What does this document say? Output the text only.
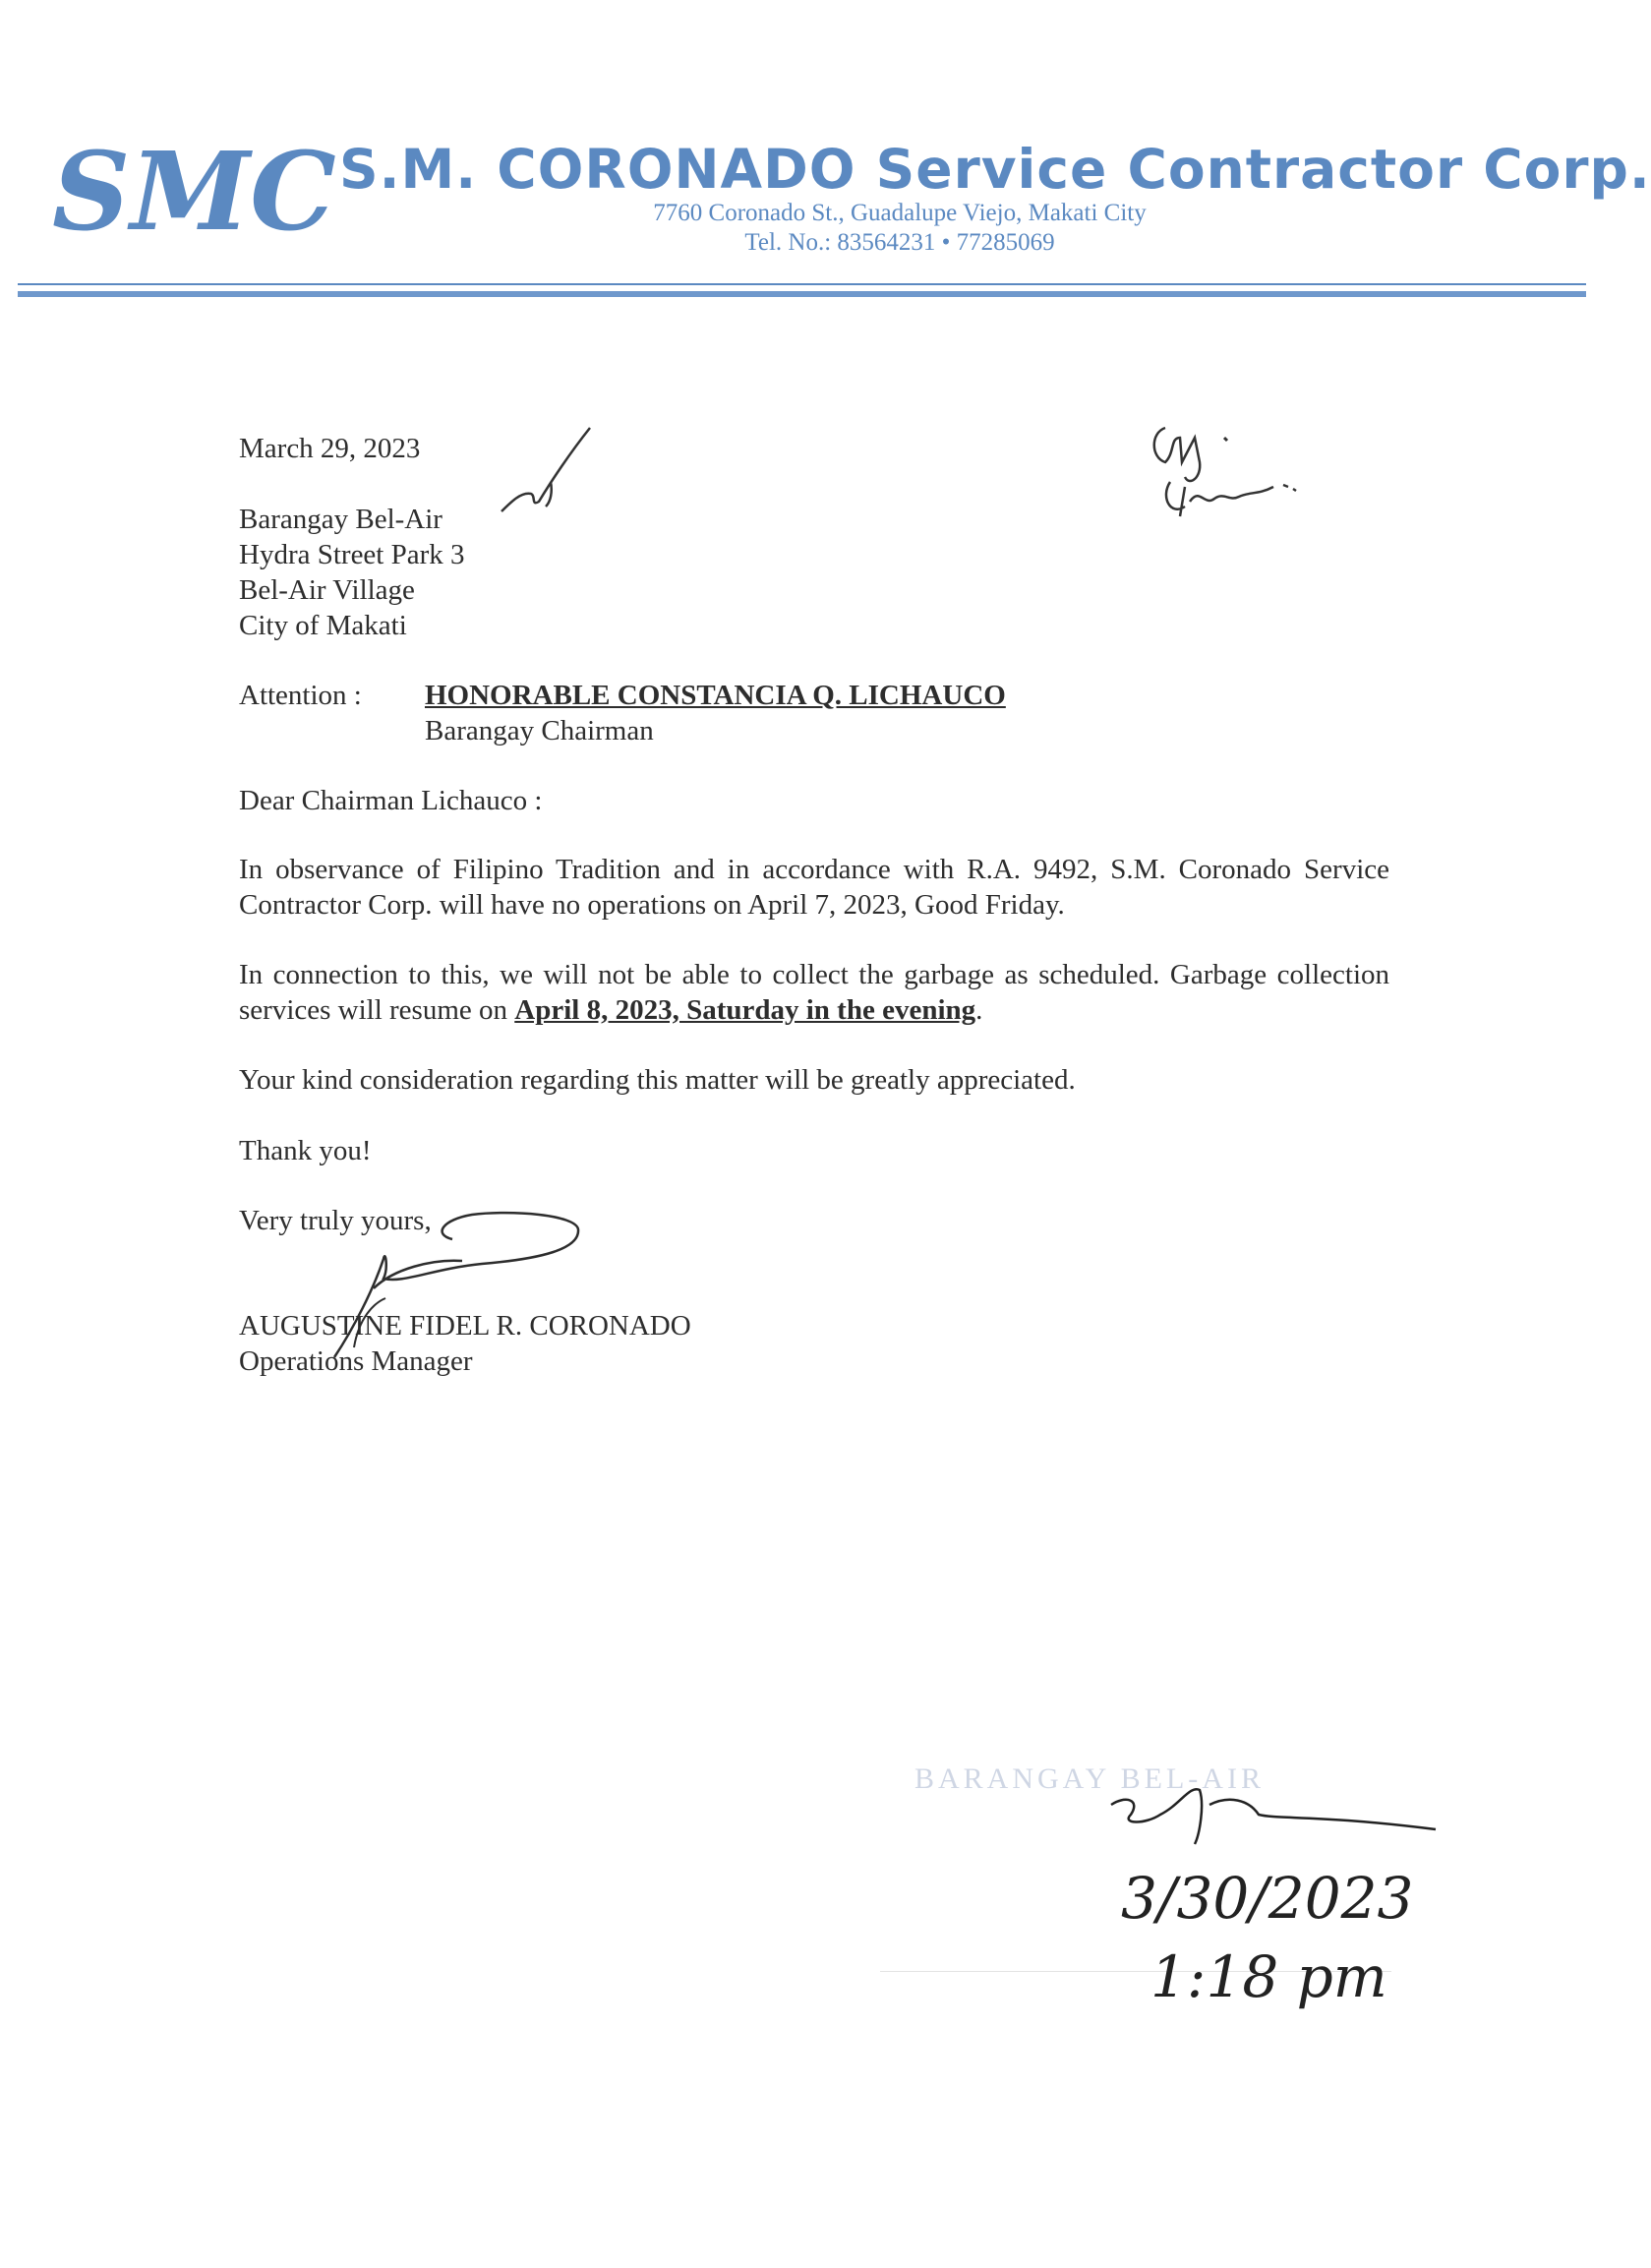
SMC S.M. CORONADO Service Contractor Corp.
7760 Coronado St., Guadalupe Viejo, Makati City
Tel. No.: 83564231 • 77285069
March 29, 2023
Barangay Bel-Air
Hydra Street Park 3
Bel-Air Village
City of Makati
Attention : HONORABLE CONSTANCIA Q. LICHAUCO
Barangay Chairman
Dear Chairman Lichauco :
In observance of Filipino Tradition and in accordance with R.A. 9492, S.M. Coronado Service Contractor Corp. will have no operations on April 7, 2023, Good Friday.
In connection to this, we will not be able to collect the garbage as scheduled. Garbage collection services will resume on April 8, 2023, Saturday in the evening.
Your kind consideration regarding this matter will be greatly appreciated.
Thank you!
Very truly yours,
AUGUSTINE FIDEL R. CORONADO
Operations Manager
BARANGAY BEL-AIR
3/30/2023
1:18 pm
